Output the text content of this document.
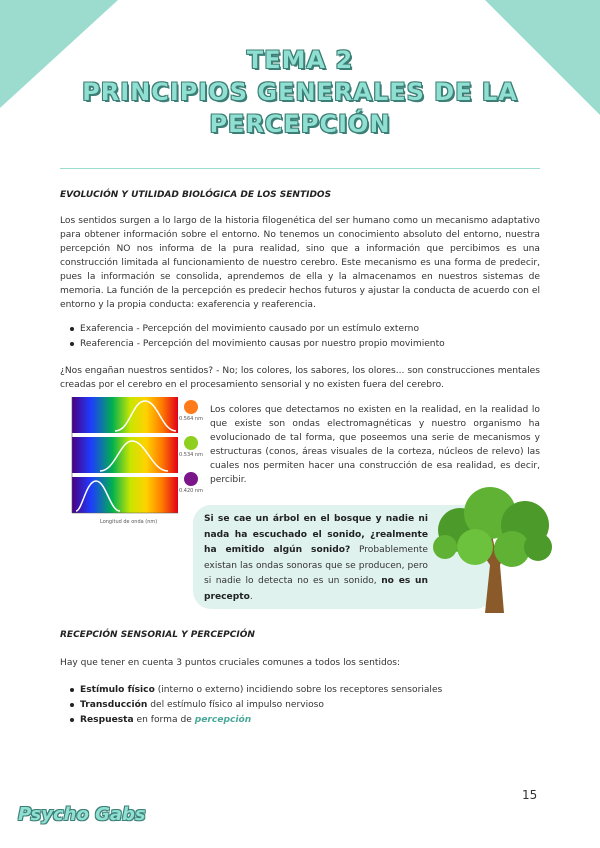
TEMA 2
PRINCIPIOS GENERALES DE LA
PERCEPCIÓN
EVOLUCIÓN Y UTILIDAD BIOLÓGICA DE LOS SENTIDOS
Los sentidos surgen a lo largo de la historia filogenética del ser humano como un mecanismo adaptativo para obtener información sobre el entorno. No tenemos un conocimiento absoluto del entorno, nuestra percepción NO nos informa de la pura realidad, sino que a información que percibimos es una construcción limitada al funcionamiento de nuestro cerebro. Este mecanismo es una forma de predecir, pues la información se consolida, aprendemos de ella y la almacenamos en nuestros sistemas de memoria. La función de la percepción es predecir hechos futuros y ajustar la conducta de acuerdo con el entorno y la propia conducta: exaferencia y reaferencia.
Exaferencia - Percepción del movimiento causado por un estímulo externo
Reaferencia - Percepción del movimiento causas por nuestro propio movimiento
¿Nos engañan nuestros sentidos? - No; los colores, los sabores, los olores... son construcciones mentales creadas por el cerebro en el procesamiento sensorial y no existen fuera del cerebro.
Longitud de onda (nm)
0.564 nm
0.534 nm
0.420 nm
Los colores que detectamos no existen en la realidad, en la realidad lo que existe son ondas electromagnéticas y nuestro organismo ha evolucionado de tal forma, que poseemos una serie de mecanismos y estructuras (conos, áreas visuales de la corteza, núcleos de relevo) las cuales nos permiten hacer una construcción de esa realidad, es decir, percibir.
Si se cae un árbol en el bosque y nadie ni nada ha escuchado el sonido, ¿realmente ha emitido algún sonido? Probablemente existan las ondas sonoras que se producen, pero si nadie lo detecta no es un sonido, no es un precepto.
RECEPCIÓN SENSORIAL Y PERCEPCIÓN
Hay que tener en cuenta 3 puntos cruciales comunes a todos los sentidos:
Estímulo físico (interno o externo) incidiendo sobre los receptores sensoriales
Transducción del estímulo físico al impulso nervioso
Respuesta en forma de percepción
15
Psycho Gabs
